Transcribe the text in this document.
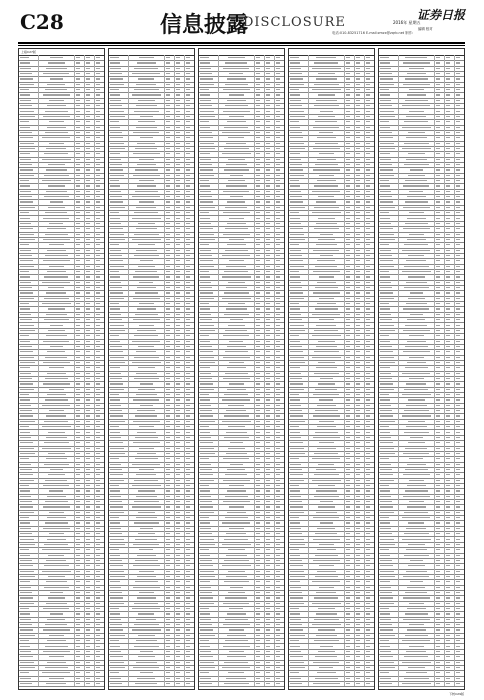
C28	信息披露
DISCLOSURE	2016年 星期五
编辑 校对
证券日报
电话:010-83251716 E-mail:zmzx@zqrb.net 制作:
上接C27版
下转C29版
